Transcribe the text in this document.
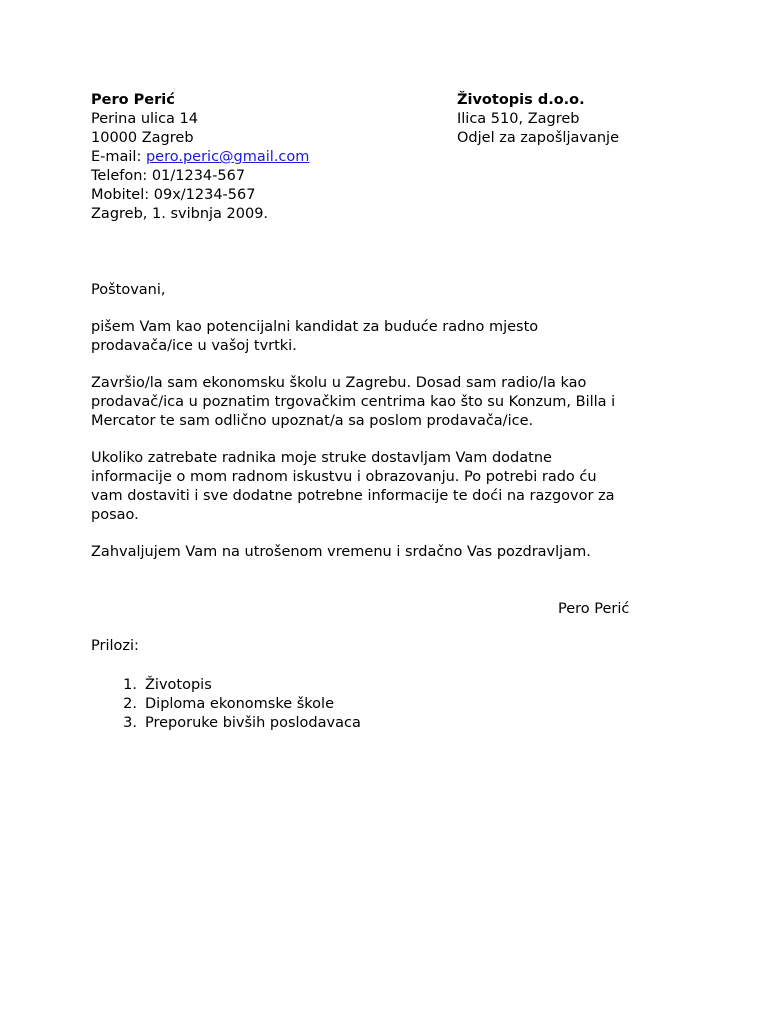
Pero Perić
Perina ulica 14
10000 Zagreb
E-mail: pero.peric@gmail.com
Telefon: 01/1234-567
Mobitel: 09x/1234-567
Zagreb, 1. svibnja 2009.
Životopis d.o.o.
Ilica 510, Zagreb
Odjel za zapošljavanje

Poštovani,

pišem Vam kao potencijalni kandidat za buduće radno mjesto
prodavača/ice u vašoj tvrtki.

Završio/la sam ekonomsku školu u Zagrebu. Dosad sam radio/la kao
prodavač/ica u poznatim trgovačkim centrima kao što su Konzum, Billa i
Mercator te sam odlično upoznat/a sa poslom prodavača/ice.

Ukoliko zatrebate radnika moje struke dostavljam Vam dodatne
informacije o mom radnom iskustvu i obrazovanju. Po potrebi rado ću
vam dostaviti i sve dodatne potrebne informacije te doći na razgovor za
posao.

Zahvaljujem Vam na utrošenom vremenu i srdačno Vas pozdravljam.

Pero Perić
Prilozi:
1. Životopis
2. Diploma ekonomske škole
3. Preporuke bivših poslodavaca
